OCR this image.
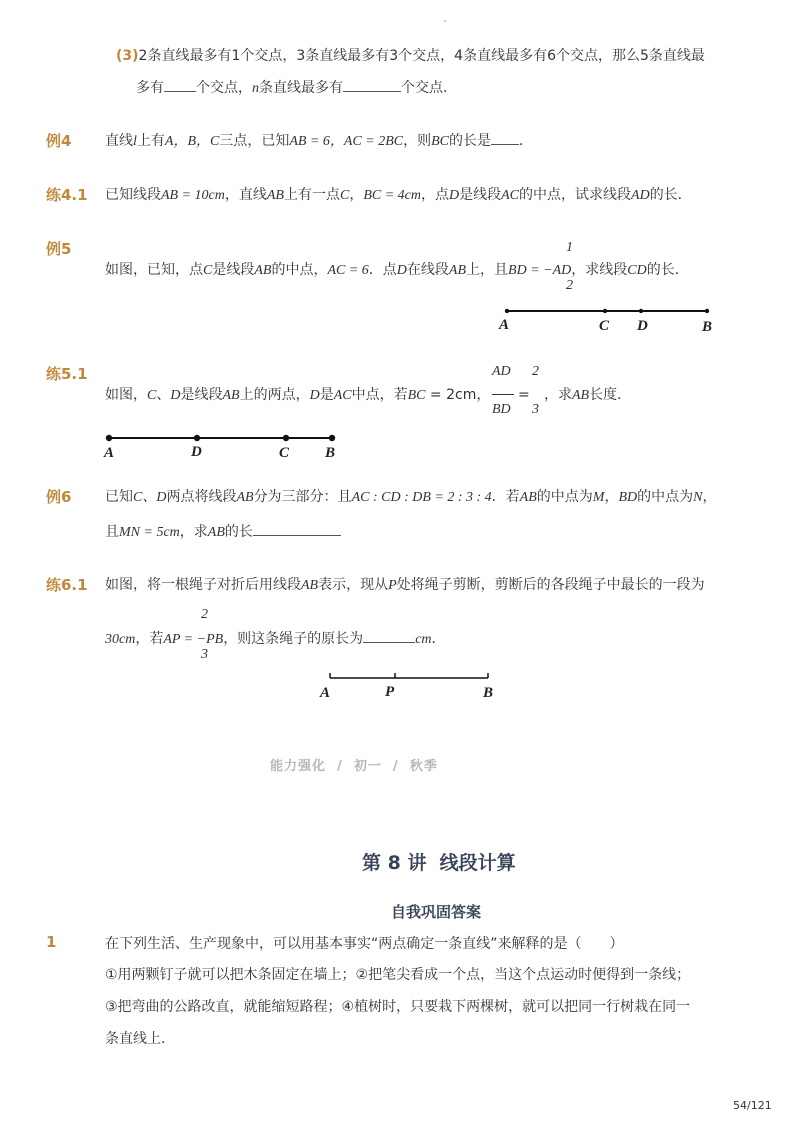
-
(3)2条直线最多有1个交点，3条直线最多有3个交点，4条直线最多有6个交点，那么5条直线最
多有 个交点，n条直线最多有	个交点．
例4 直线l上有A，B，C三点，已知AB = 6，AC = 2BC，则BC的长是 ．
练4.1 已知线段AB = 10cm，直线AB上有一点C，BC = 4cm，点D是线段AC的中点，试求线段AD的长．
例5	1
2
如图，已知，点C是线段AB的中点，AC = 6．点D在线段AB上，且BD = −AD，求线段CD的长．
A	C D	B
练5.1	AD
BD
2
3
如图，C、D是线段AB上的两点，D是AC中点，若BC = 2cm， = ，求AB长度．
A	D	C B
例6 已知C、D两点将线段AB分为三部分：且AC : CD : DB = 2 : 3 : 4．若AB的中点为M，BD的中点为N，
且MN = 5cm，求AB的长
练6.1 如图，将一根绳子对折后用线段AB表示，现从P处将绳子剪断，剪断后的各段绳子中最长的一段为
2
3
30cm，若AP = −PB，则这条绳子的原长为	cm．
A	P	B
能力强化  /  初一  /  秋季
第 8 讲  线段计算
自我巩固答案
1	在下列生活、生产现象中，可以用基本事实“两点确定一条直线”来解释的是（　　）
①用两颗钉子就可以把木条固定在墙上；②把笔尖看成一个点，当这个点运动时便得到一条线；
③把弯曲的公路改直，就能缩短路程；④植树时，只要栽下两棵树，就可以把同一行树栽在同一
条直线上．
54/121
